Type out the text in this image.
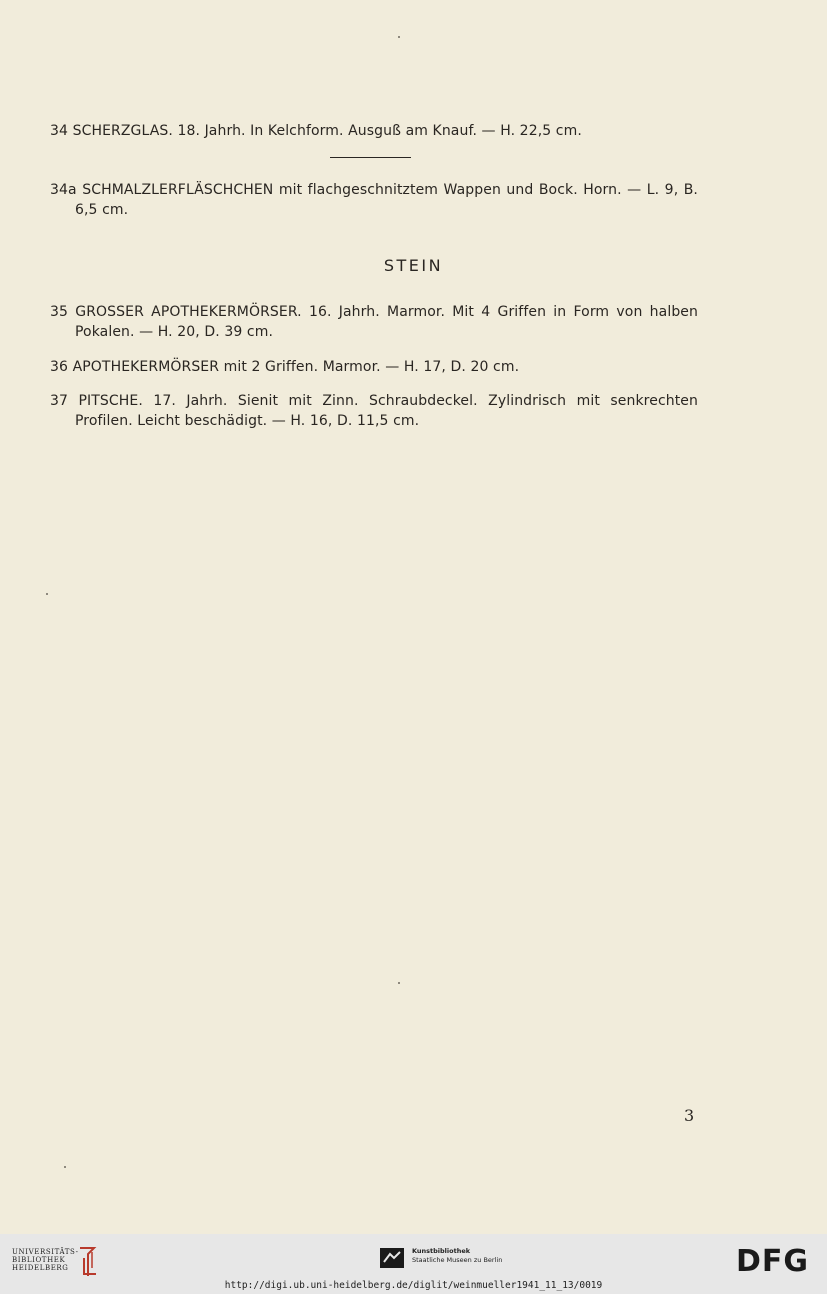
34 SCHERZGLAS. 18. Jahrh. In Kelchform. Ausguß am Knauf. — H. 22,5 cm.
34a SCHMALZLERFLÄSCHCHEN mit flachgeschnitztem Wappen und Bock. Horn. — L. 9, B. 6,5 cm.
STEIN
35 GROSSER APOTHEKERMÖRSER. 16. Jahrh. Marmor. Mit 4 Griffen in Form von halben Pokalen. — H. 20, D. 39 cm.
36 APOTHEKERMÖRSER mit 2 Griffen. Marmor. — H. 17, D. 20 cm.
37 PITSCHE. 17. Jahrh. Sienit mit Zinn. Schraubdeckel. Zylindrisch mit senkrechten Profilen. Leicht beschädigt. — H. 16, D. 11,5 cm.
3
UNIVERSITÄTS-
BIBLIOTHEK
HEIDELBERG
Kunstbibliothek
Staatliche Museen zu Berlin	DFG
http://digi.ub.uni-heidelberg.de/diglit/weinmueller1941_11_13/0019
